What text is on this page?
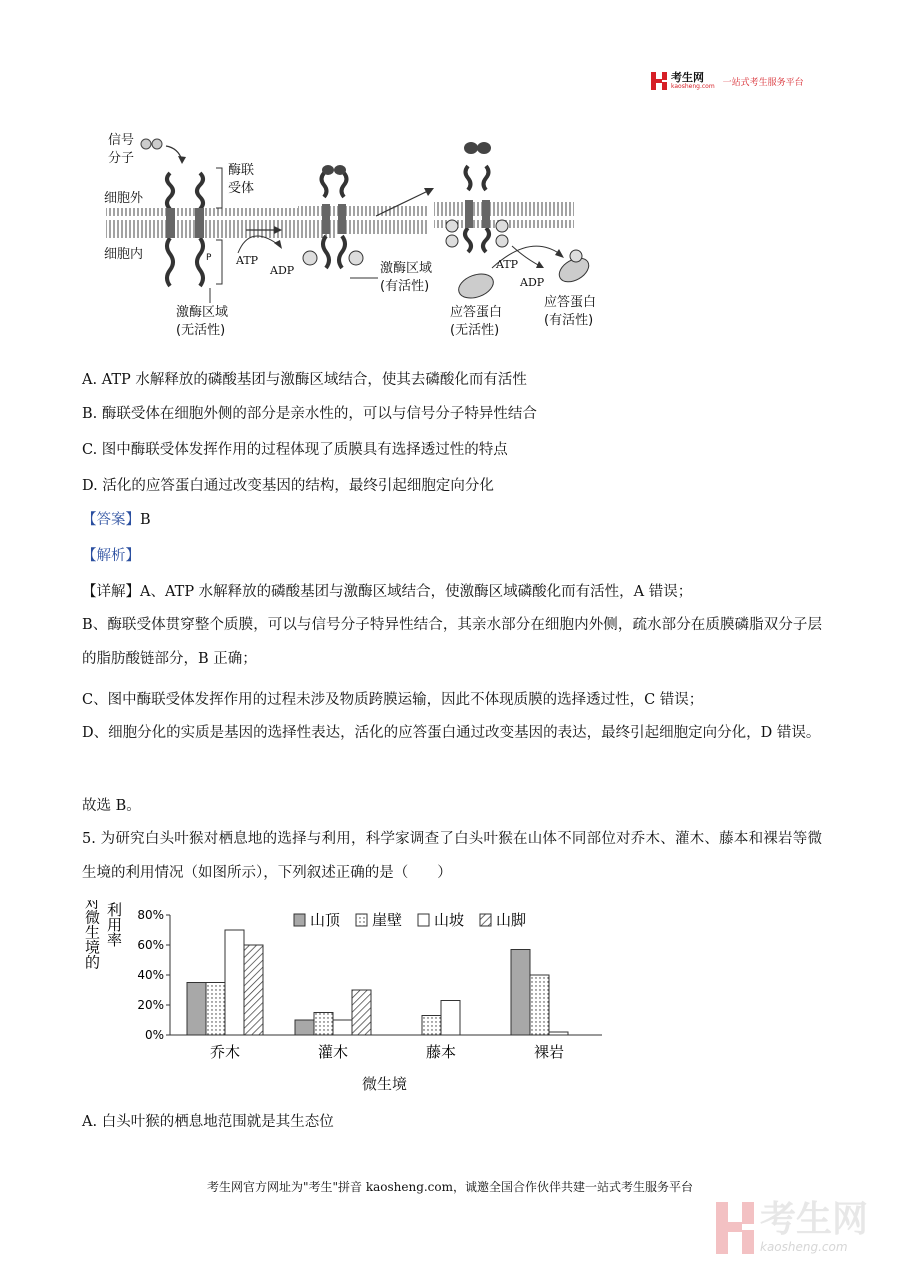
考生网
kaosheng.com 一站式考生服务平台
信号
分子
酶联
受体
细胞外
细胞内
激酶区域
(无活性)
ATP
ADP	激酶区域
(有活性)
ATP
ADP
应答蛋白
(无活性)
应答蛋白
(有活性)
P
A. ATP 水解释放的磷酸基团与激酶区域结合，使其去磷酸化而有活性
B. 酶联受体在细胞外侧的部分是亲水性的，可以与信号分子特异性结合
C. 图中酶联受体发挥作用的过程体现了质膜具有选择透过性的特点
D. 活化的应答蛋白通过改变基因的结构，最终引起细胞定向分化
【答案】B
【解析】
【详解】A、ATP 水解释放的磷酸基团与激酶区域结合，使激酶区域磷酸化而有活性，A 错误；
B、酶联受体贯穿整个质膜，可以与信号分子特异性结合，其亲水部分在细胞内外侧，疏水部分在质膜磷脂双分子层的脂肪酸链部分，B 正确；
C、图中酶联受体发挥作用的过程未涉及物质跨膜运输，因此不体现质膜的选择透过性，C 错误；
D、细胞分化的实质是基因的选择性表达，活化的应答蛋白通过改变基因的表达，最终引起细胞定向分化，D 错误。
故选 B。
5. 为研究白头叶猴对栖息地的选择与利用，科学家调查了白头叶猴在山体不同部位对乔木、灌木、藤本和裸岩等微生境的利用情况（如图所示），下列叙述正确的是（　　）
白头叶猴对微生境的 利用率
0%
20%
40%
60%
80%
乔木	灌木	藤本	裸岩
山顶 崖壁 山坡 山脚
微生境
A. 白头叶猴的栖息地范围就是其生态位
考生网官方网址为"考生"拼音 kaosheng.com，诚邀全国合作伙伴共建一站式考生服务平台
考生网
kaosheng.com
